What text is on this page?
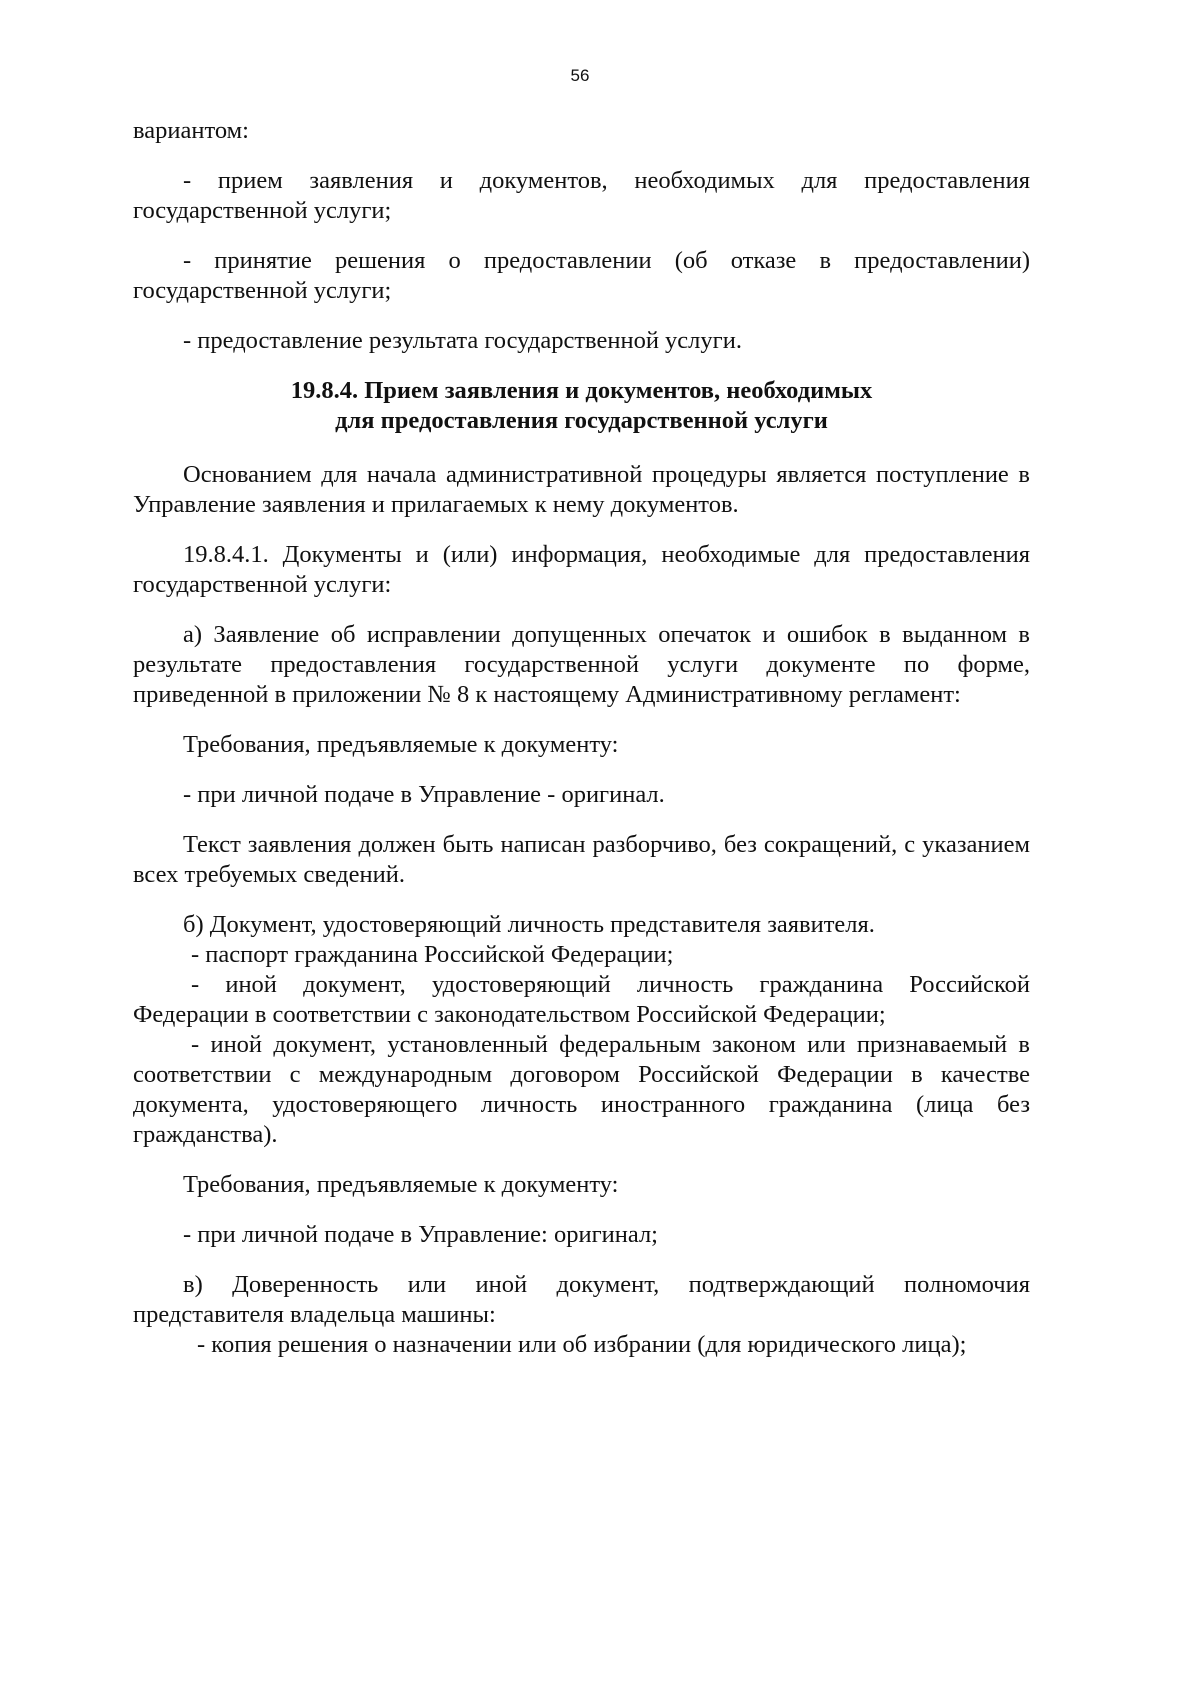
56

вариантом:

- прием заявления и документов, необходимых для предоставления государственной услуги;

- принятие решения о предоставлении (об отказе в предоставлении) государственной услуги;

- предоставление результата государственной услуги.

19.8.4. Прием заявления и документов, необходимых
для предоставления государственной услуги

Основанием для начала административной процедуры является поступление в Управление заявления и прилагаемых к нему документов.

19.8.4.1. Документы и (или) информация, необходимые для предоставления государственной услуги:

а) Заявление об исправлении допущенных опечаток и ошибок в выданном в результате предоставления государственной услуги документе по форме, приведенной в приложении № 8 к настоящему Административному регламент:

Требования, предъявляемые к документу:

- при личной подаче в Управление - оригинал.

Текст заявления должен быть написан разборчиво, без сокращений, с указанием всех требуемых сведений.

б) Документ, удостоверяющий личность представителя заявителя.

- паспорт гражданина Российской Федерации;

- иной документ, удостоверяющий личность гражданина Российской Федерации в соответствии с законодательством Российской Федерации;

- иной документ, установленный федеральным законом или признаваемый в соответствии с международным договором Российской Федерации в качестве документа, удостоверяющего личность иностранного гражданина (лица без гражданства).

Требования, предъявляемые к документу:

- при личной подаче в Управление: оригинал;

в) Доверенность или иной документ, подтверждающий полномочия представителя владельца машины:

- копия решения о назначении или об избрании (для юридического лица);
